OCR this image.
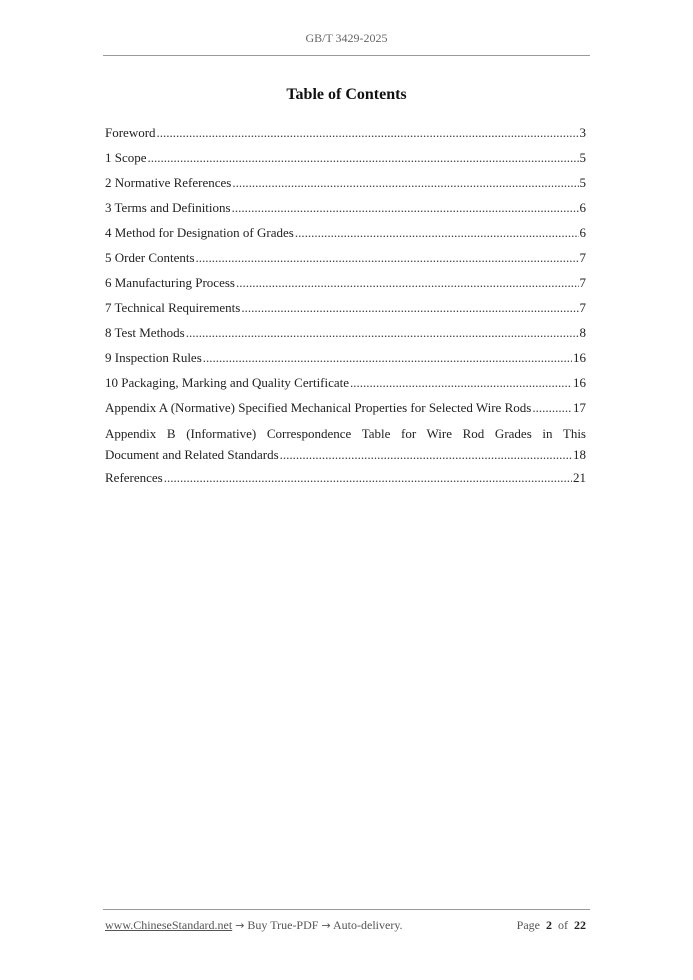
GB/T 3429-2025
Table of Contents
Foreword .....	3
1 Scope .....	5
2 Normative References .....	5
3 Terms and Definitions .....	6
4 Method for Designation of Grades .....	6
5 Order Contents .....	7
6 Manufacturing Process .....	7
7 Technical Requirements .....	7
8 Test Methods .....	8
9 Inspection Rules .....	16
10 Packaging, Marking and Quality Certificate .....	16
Appendix A (Normative) Specified Mechanical Properties for Selected Wire Rods .....	17
Appendix B (Informative) Correspondence Table for Wire Rod Grades in This
Document and Related Standards .....	18
References .....	21
www.ChineseStandard.net → Buy True-PDF → Auto-delivery.	Page 2 of 22
